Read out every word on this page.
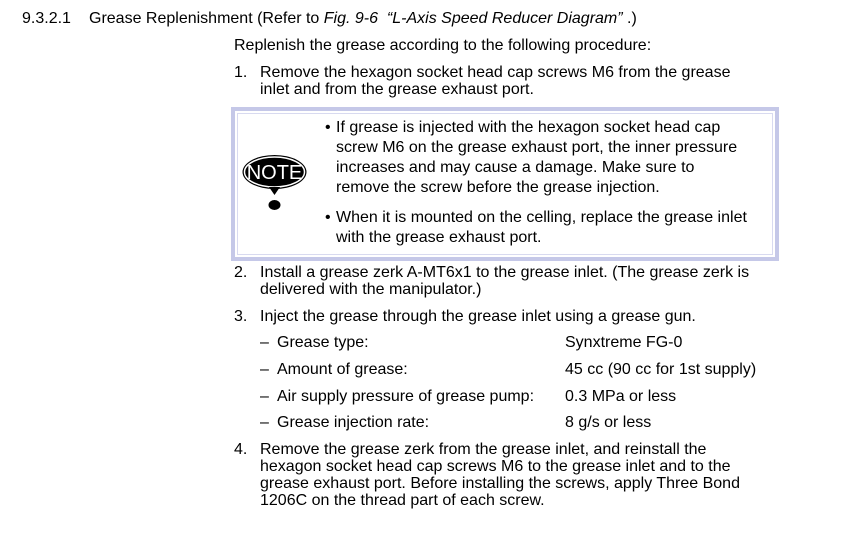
9.3.2.1 Grease Replenishment (Refer to Fig. 9-6  “L-Axis Speed Reducer Diagram” .)
Replenish the grease according to the following procedure:
1. Remove the hexagon socket head cap screws M6 from the grease
inlet and from the grease exhaust port.
NOTE
• If grease is injected with the hexagon socket head cap
screw M6 on the grease exhaust port, the inner pressure
increases and may cause a damage. Make sure to
remove the screw before the grease injection.
• When it is mounted on the celling, replace the grease inlet
with the grease exhaust port.
2. Install a grease zerk A-MT6x1 to the grease inlet. (The grease zerk is
delivered with the manipulator.)
3. Inject the grease through the grease inlet using a grease gun.
– Grease type:	Synxtreme FG-0
– Amount of grease:	45 cc (90 cc for 1st supply)
– Air supply pressure of grease pump: 0.3 MPa or less
– Grease injection rate:	8 g/s or less
4. Remove the grease zerk from the grease inlet, and reinstall the
hexagon socket head cap screws M6 to the grease inlet and to the
grease exhaust port. Before installing the screws, apply Three Bond
1206C on the thread part of each screw.
